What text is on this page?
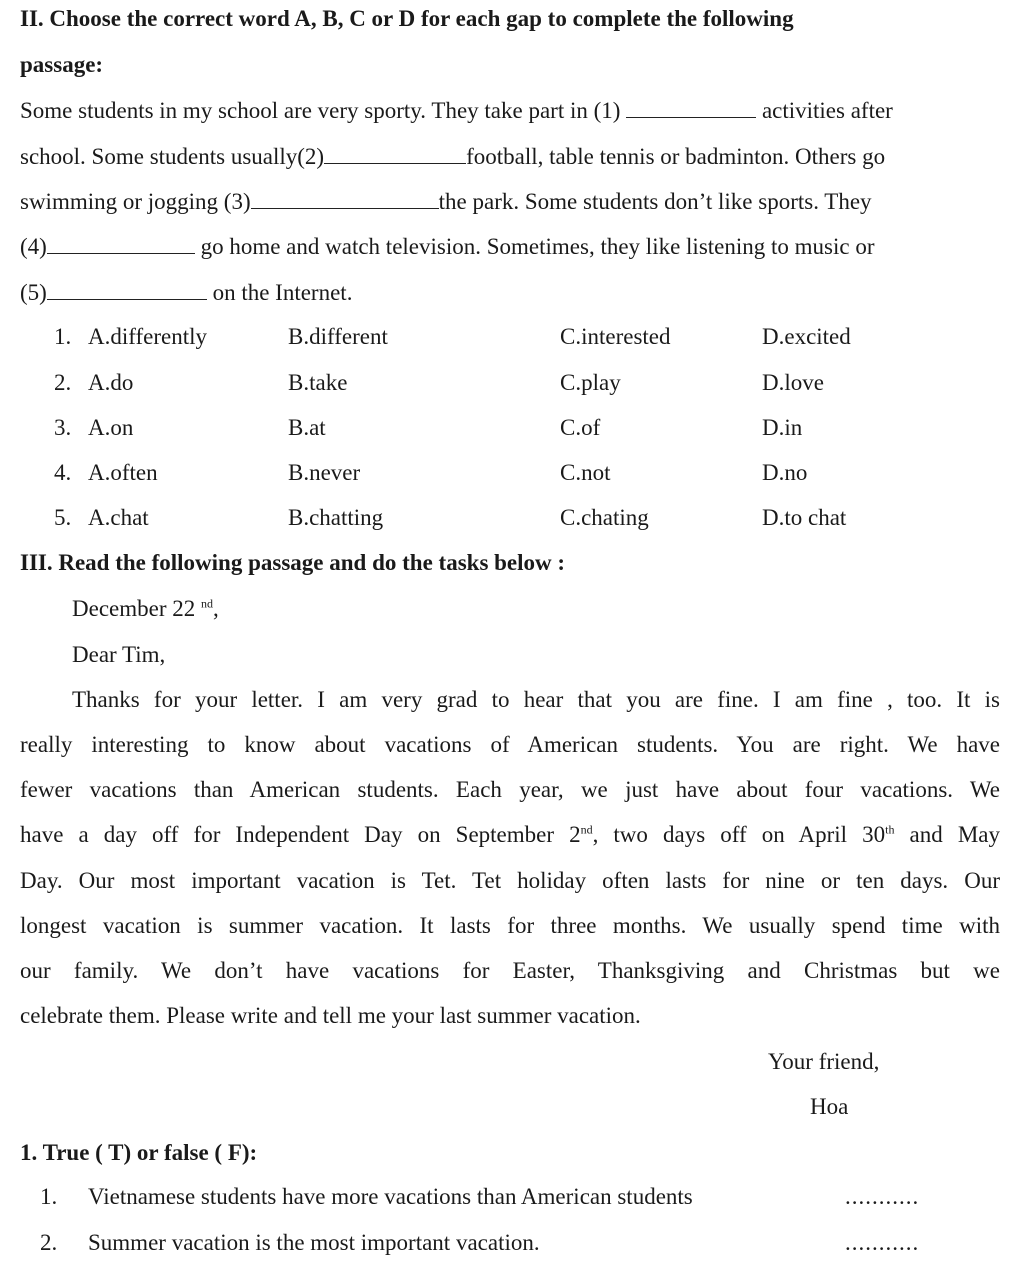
II. Choose the correct word A, B, C or D for each gap to complete the following
passage:
Some students in my school are very sporty. They take part in (1)	activities after
school. Some students usually(2)	football, table tennis or badminton. Others go
swimming or jogging (3)	the park. Some students don’t like sports. They
(4)	go home and watch television. Sometimes, they like listening to music or
(5)	on the Internet.
1. A.differently	B.different	C.interested	D.excited
2. A.do	B.take	C.play	D.love
3. A.on	B.at	C.of	D.in
4. A.often	B.never	C.not	D.no
5. A.chat	B.chatting	C.chating	D.to chat
III. Read the following passage and do the tasks below :
December 22 $^{nd}$,
Dear Tim,
Thanks for your letter. I am very grad to hear that you are fine. I am fine , too. It is
really interesting to know about vacations of American students. You are right. We have
fewer vacations than American students. Each year, we just have about four vacations. We
have a day off for Independent Day on September 2nd, two days off on April 30th and May
Day. Our most important vacation is Tet. Tet holiday often lasts for nine or ten days. Our
longest vacation is summer vacation. It lasts for three months. We usually spend time with
our family. We don’t have vacations for Easter, Thanksgiving and Christmas but we
celebrate them. Please write and tell me your last summer vacation.
Your friend,
Hoa
1. True ( T) or false ( F):
1. Vietnamese students have more vacations than American students	...........
2. Summer vacation is the most important vacation.	...........
